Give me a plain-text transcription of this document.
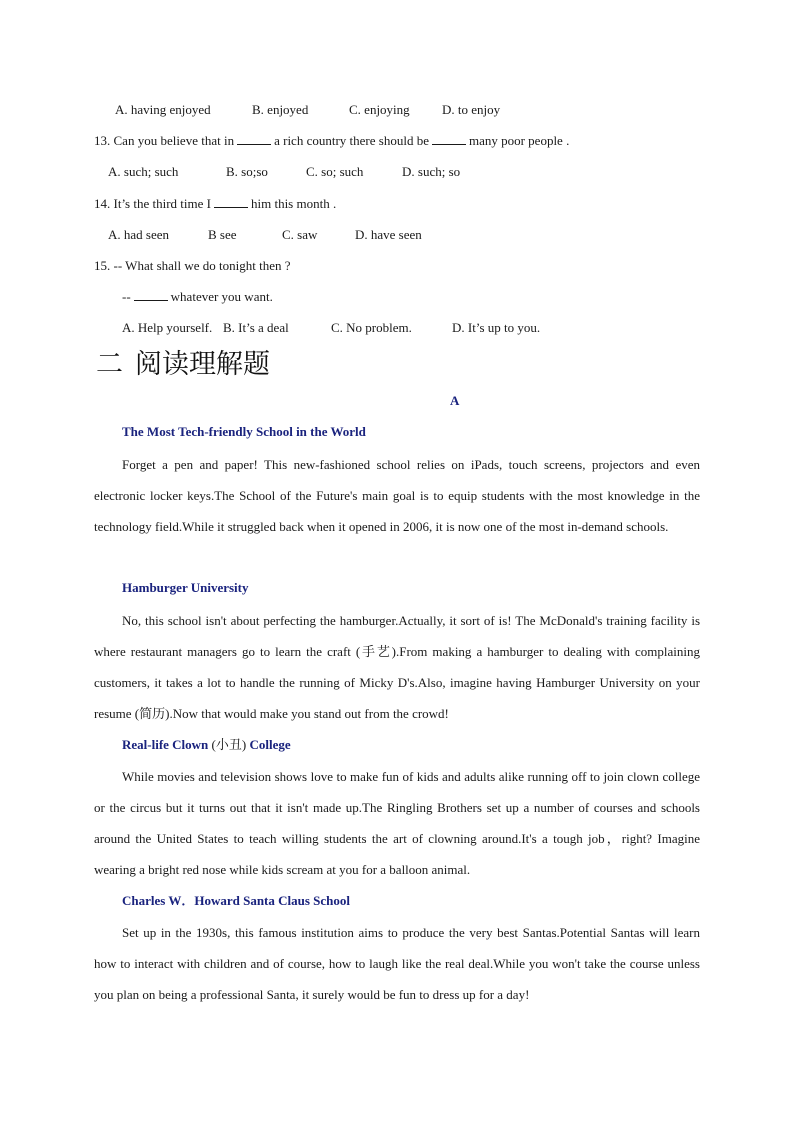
A. having enjoyed	B. enjoyed	C. enjoying D. to enjoy
13. Can you believe that in	a rich country there should be	many poor people .
A. such; such	B. so;so	C. so; such	D. such; so
14. It’s the third time I	him this month .
A. had seen	B see	C. saw	D. have seen
15. -- What shall we do tonight then ?
--	whatever you want.
A. Help yourself. B. It’s a deal	C. No problem.	D. It’s up to you.
二 阅读理解题
A
The Most Tech-friendly School in the World
Forget a pen and paper! This new-fashioned school relies on iPads, touch screens, projectors and even electronic locker keys.The School of the Future's main goal is to equip students with the most knowledge in the technology field.While it struggled back when it opened in 2006, it is now one of the most in-demand schools.
Hamburger University
No, this school isn't about perfecting the hamburger.Actually, it sort of is! The McDonald's training facility is where restaurant managers go to learn the craft (手艺).From making a hamburger to dealing with complaining customers, it takes a lot to handle the running of Micky D's.Also, imagine having Hamburger University on your resume (简历).Now that would make you stand out from the crowd!
Real-life Clown (小丑) College
While movies and television shows love to make fun of kids and adults alike running off to join clown college or the circus but it turns out that it isn't made up.The Ringling Brothers set up a number of courses and schools around the United States to teach willing students the art of clowning around.It's a tough job，right? Imagine wearing a bright red nose while kids scream at you for a balloon animal.
Charles W．Howard Santa Claus School
Set up in the 1930s, this famous institution aims to produce the very best Santas.Potential Santas will learn how to interact with children and of course, how to laugh like the real deal.While you won't take the course unless you plan on being a professional Santa, it surely would be fun to dress up for a day!
